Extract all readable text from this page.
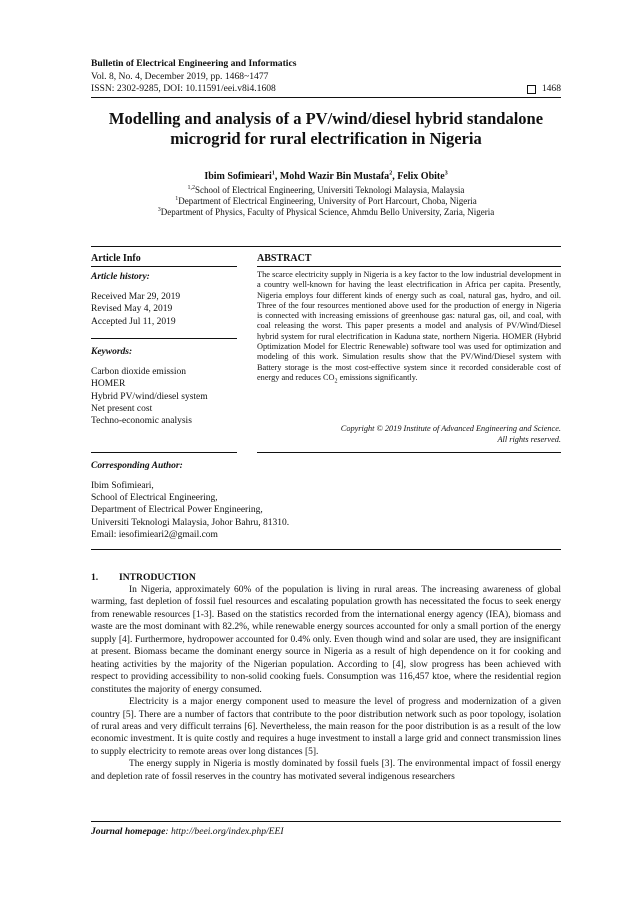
Bulletin of Electrical Engineering and Informatics
Vol. 8, No. 4, December 2019, pp. 1468~1477
ISSN: 2302-9285, DOI: 10.11591/eei.v8i4.1608	1468
Modelling and analysis of a PV/wind/diesel hybrid standalone
microgrid for rural electrification in Nigeria
Ibim Sofimieari$^1$, Mohd Wazir Bin Mustafa$^2$, Felix Obite$^3$
$^{1,2}$School of Electrical Engineering, Universiti Teknologi Malaysia, Malaysia
$^1$Department of Electrical Engineering, University of Port Harcourt, Choba, Nigeria
$^3$Department of Physics, Faculty of Physical Science, Ahmdu Bello University, Zaria, Nigeria
Article Info	ABSTRACT
Article history:
Received Mar 29, 2019
Revised May 4, 2019
Accepted Jul 11, 2019
Keywords:
Carbon dioxide emission
HOMER
Hybrid PV/wind/diesel system
Net present cost
Techno-economic analysis
The scarce electricity supply in Nigeria is a key factor to the low industrial development in a country well-known for having the least electrification in Africa per capita. Presently, Nigeria employs four different kinds of energy such as coal, natural gas, hydro, and oil. Three of the four resources mentioned above used for the production of energy in Nigeria is connected with increasing emissions of greenhouse gas: natural gas, oil, and coal, with coal releasing the worst. This paper presents a model and analysis of PV/Wind/Diesel hybrid system for rural electrification in Kaduna state, northern Nigeria. HOMER (Hybrid Optimization Model for Electric Renewable) software tool was used for optimization and modeling of this work. Simulation results show that the PV/Wind/Diesel system with Battery storage is the most cost-effective system since it recorded considerable cost of energy and reduces $CO_2$ emissions significantly.
Copyright © 2019 Institute of Advanced Engineering and Science.
All rights reserved.
Corresponding Author:
Ibim Sofimieari,
School of Electrical Engineering,
Department of Electrical Power Engineering,
Universiti Teknologi Malaysia, Johor Bahru, 81310.
Email: iesofimieari2@gmail.com
1. INTRODUCTION

In Nigeria, approximately 60% of the population is living in rural areas. The increasing awareness of global warming, fast depletion of fossil fuel resources and escalating population growth has necessitated the focus to seek energy from renewable resources [1-3]. Based on the statistics recorded from the international energy agency (IEA), biomass and waste are the most dominant with 82.2%, while renewable energy sources accounted for only a small portion of the energy supply [4]. Furthermore, hydropower accounted for 0.4% only. Even though wind and solar are used, they are insignificant at present. Biomass became the dominant energy source in Nigeria as a result of high dependence on it for cooking and heating activities by the majority of the Nigerian population. According to [4], slow progress has been achieved with respect to providing accessibility to non-solid cooking fuels. Consumption was 116,457 ktoe, where the residential region constitutes the majority of energy consumed.

Electricity is a major energy component used to measure the level of progress and modernization of a given country [5]. There are a number of factors that contribute to the poor distribution network such as poor topology, isolation of rural areas and very difficult terrains [6]. Nevertheless, the main reason for the poor distribution is as a result of the low economic investment. It is quite costly and requires a huge investment to install a large grid and connect transmission lines to supply electricity to remote areas over long distances [5].

The energy supply in Nigeria is mostly dominated by fossil fuels [3]. The environmental impact of fossil energy and depletion rate of fossil reserves in the country has motivated several indigenous researchers

Journal homepage: http://beei.org/index.php/EEI
